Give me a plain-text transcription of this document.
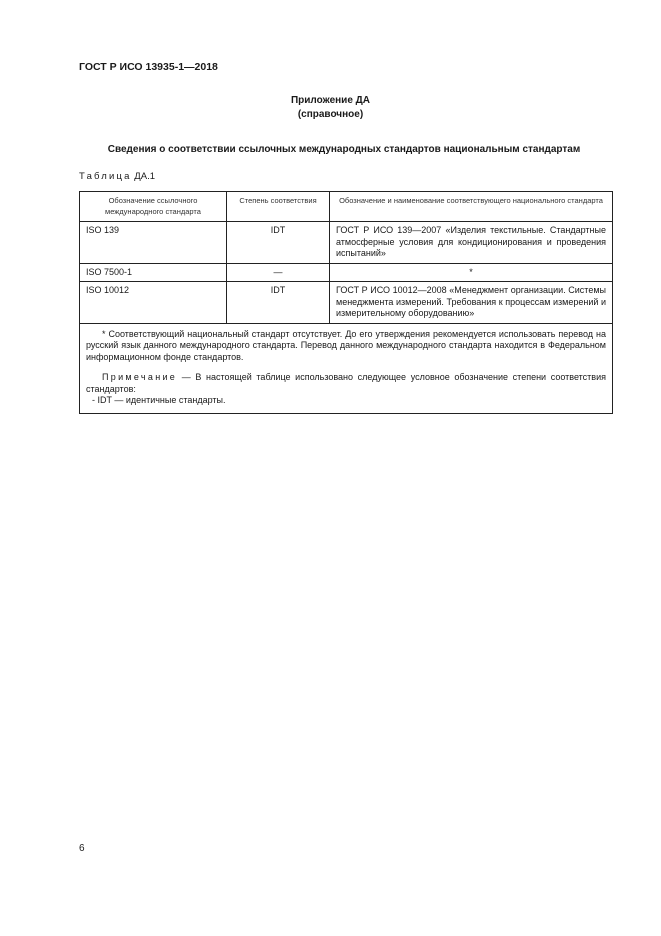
ГОСТ Р ИСО 13935-1—2018
Приложение ДА
(справочное)
Сведения о соответствии ссылочных международных стандартов национальным стандартам
Таблица ДА.1
Обозначение ссылочного международного стандарта	Степень соответствия	Обозначение и наименование соответствующего национального стандарта
ISO 139	IDT	ГОСТ Р ИСО 139—2007 «Изделия текстильные. Стандартные атмосферные условия для кондиционирования и проведения испытаний»
ISO 7500-1	—	*
ISO 10012	IDT	ГОСТ Р ИСО 10012—2008 «Менеджмент организации. Системы менеджмента измерений. Требования к процессам измерений и измерительному оборудованию»

* Соответствующий национальный стандарт отсутствует. До его утверждения рекомендуется использовать перевод на русский язык данного международного стандарта. Перевод данного международного стандарта находится в Федеральном информационном фонде стандартов.

Примечание — В настоящей таблице использовано следующее условное обозначение степени соответствия стандартов:

- IDT — идентичные стандарты.		

6
